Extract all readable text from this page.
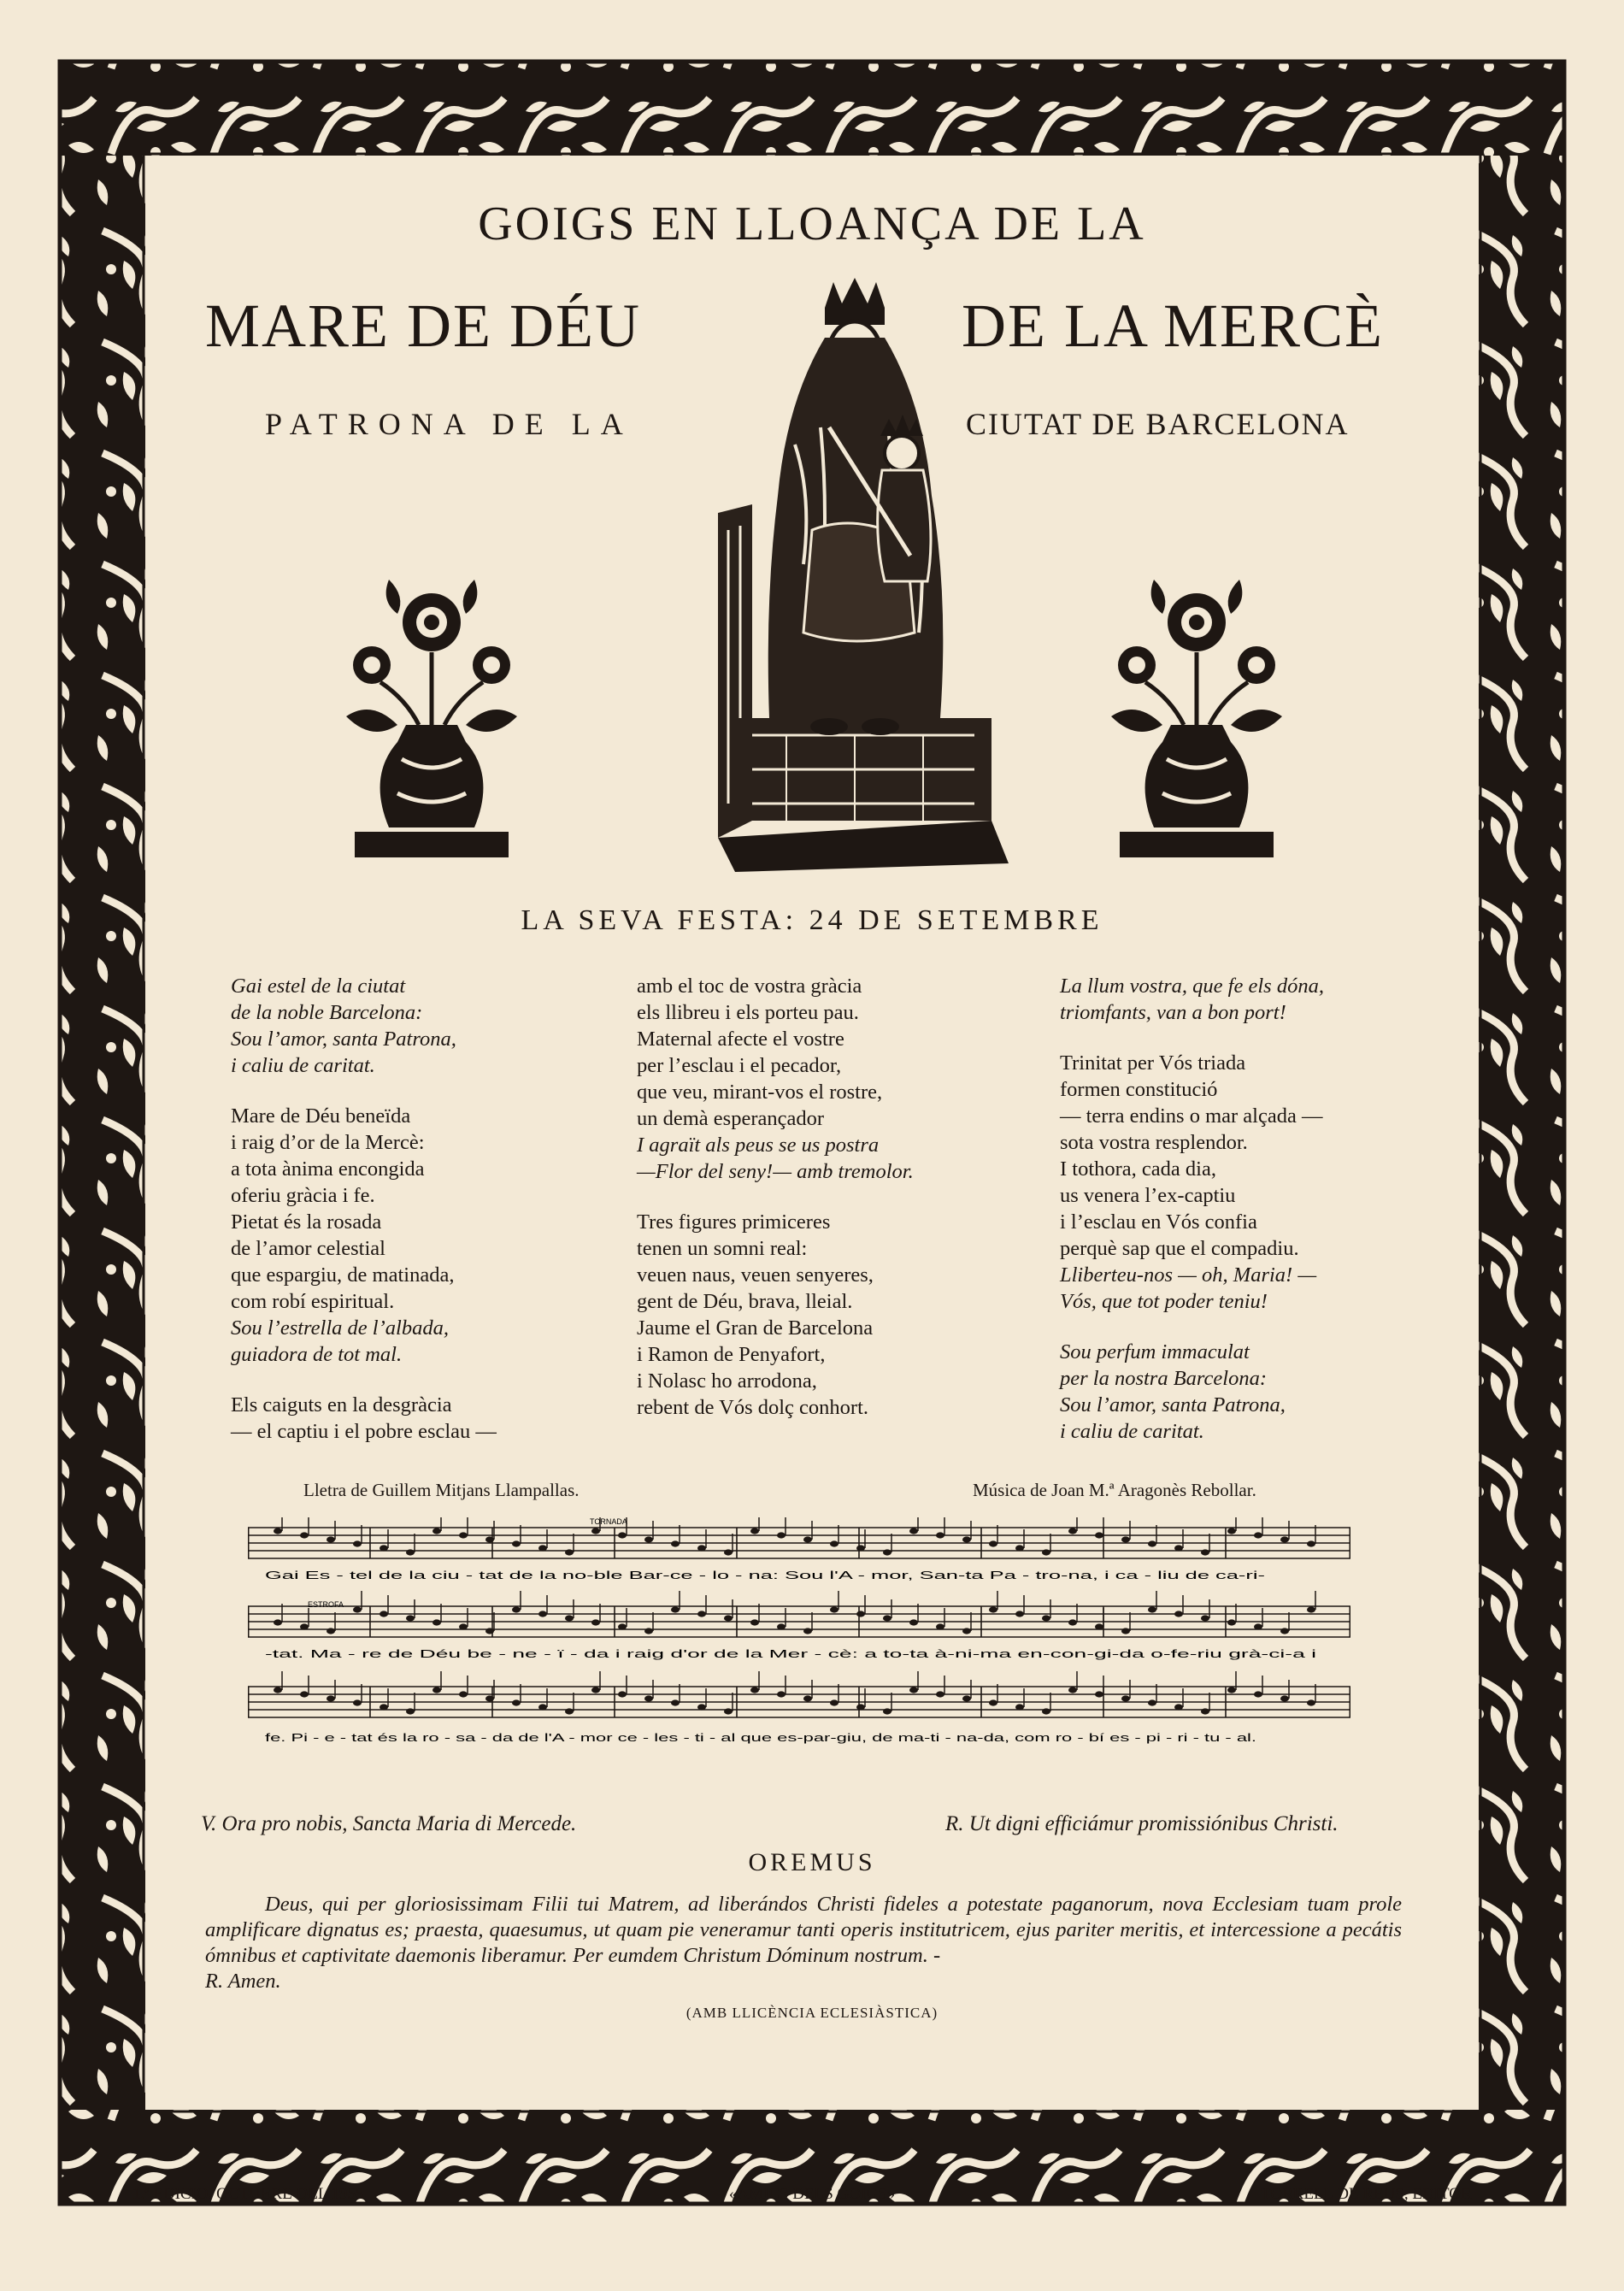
GOIGS EN LLOANÇA DE LA
MARE DE DÉU	DE LA MERCÈ
PATRONA DE LA	CIUTAT DE BARCELONA
LA SEVA FESTA: 24 DE SETEMBRE

Gai estel de la ciutat

de la noble Barcelona:

Sou l’amor, santa Patrona,

i caliu de caritat.

Mare de Déu beneïda

i raig d’or de la Mercè:

a tota ànima encongida

oferiu gràcia i fe.

Pietat és la rosada

de l’amor celestial

que espargiu, de matinada,

com robí espiritual.

Sou l’estrella de l’albada,

guiadora de tot mal.

Els caiguts en la desgràcia

— el captiu i el pobre esclau —

amb el toc de vostra gràcia

els llibreu i els porteu pau.

Maternal afecte el vostre

per l’esclau i el pecador,

que veu, mirant-vos el rostre,

un demà esperançador

I agraït als peus se us postra

—Flor del seny!— amb tremolor.

Tres figures primiceres

tenen un somni real:

veuen naus, veuen senyeres,

gent de Déu, brava, lleial.

Jaume el Gran de Barcelona

i Ramon de Penyafort,

i Nolasc ho arrodona,

rebent de Vós dolç conhort.

La llum vostra, que fe els dóna,

triomfants, van a bon port!

Trinitat per Vós triada

formen constitució

— terra endins o mar alçada —

sota vostra resplendor.

I tothora, cada dia,

us venera l’ex-captiu

i l’esclau en Vós confia

perquè sap que el compadiu.

Lliberteu-nos — oh, Maria! —

Vós, que tot poder teniu!

Sou perfum immaculat

per la nostra Barcelona:

Sou l’amor, santa Patrona,

i caliu de caritat.

Lletra de Guillem Mitjans Llampallas.	Música de Joan M.ª Aragonès Rebollar.
TORNADA
ESTROFA
Gai Es - tel de la ciu - tat de la no-ble Bar-ce - lo - na: Sou l'A - mor, San-ta Pa - tro-na, i ca - liu de ca-ri-
-tat. Ma - re de Déu be - ne - ï - da i raig d'or de la Mer - cè: a to-ta à-ni-ma en-con-gi-da o-fe-riu grà-ci-a i
fe. Pi - e - tat és la ro - sa - da de l'A - mor ce - les - ti - al que es-par-giu, de ma-ti - na-da, com ro - bí es - pi - ri - tu - al.
V. Ora pro nobis, Sancta Maria di Mercede.	R. Ut digni efficiámur promissiónibus Christi.
OREMUS
Deus, qui per gloriosissimam Filii tui Matrem, ad liberándos Christi fideles a potestate paganorum, nova Ecclesiam tuam prole amplificare dignatus es; praesta, quaesumus, ut quam pie veneramur tanti operis institutricem, ejus pariter meritis, et intercessione a pecátis ómnibus et captivitate daemonis liberamur. Per eumdem Christum Dóminum nostrum. -
R. Amen.
(AMB LLICÈNCIA ECLESIÀSTICA)
1.ª EDICIO. OCTUBRE DEL 1955	«AMICS DELS GOIGS»	TORRELL DE REUS, EDITOR
